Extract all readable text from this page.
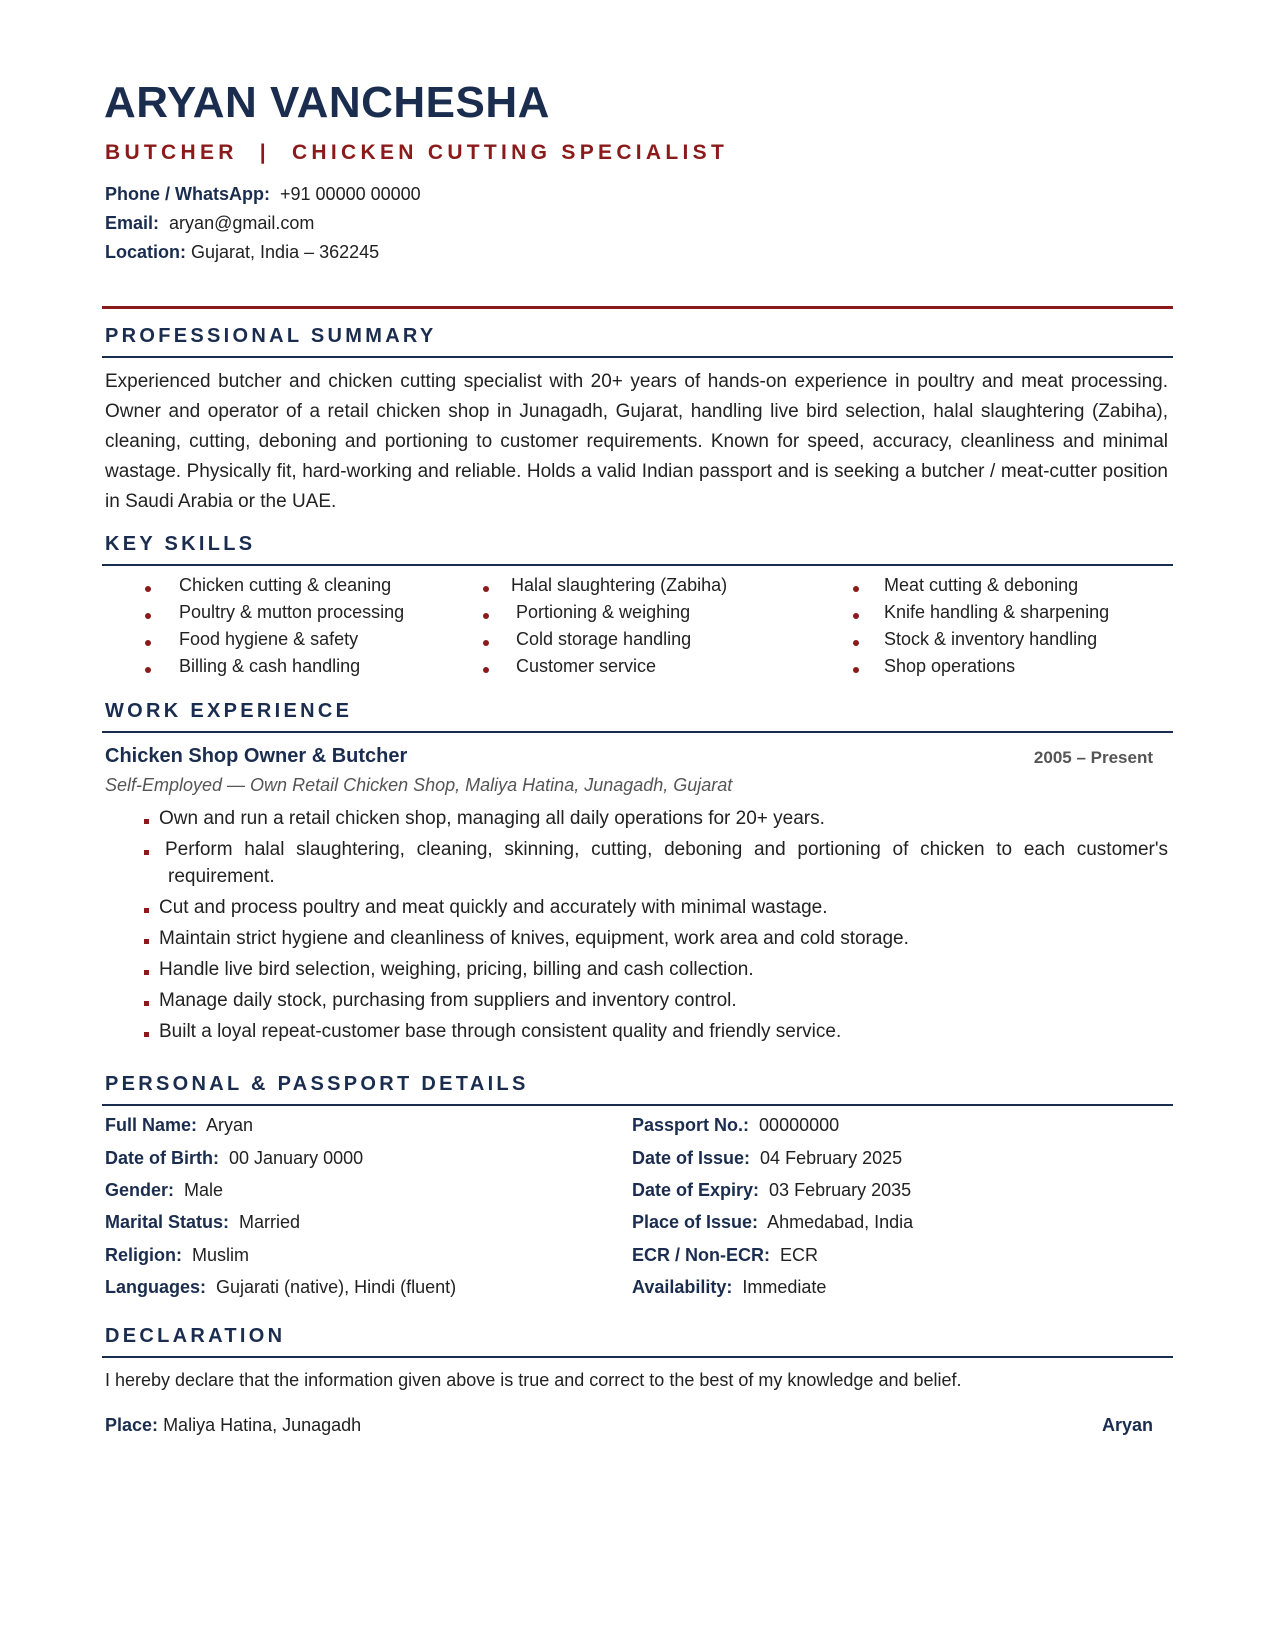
ARYAN VANCHESHA
BUTCHER | CHICKEN CUTTING SPECIALIST
Phone / WhatsApp: +91 00000 00000
Email: aryan@gmail.com
Location: Gujarat, India – 362245
PROFESSIONAL SUMMARY

Experienced butcher and chicken cutting specialist with 20+ years of hands-on experience in poultry and meat processing. Owner and operator of a retail chicken shop in Junagadh, Gujarat, handling live bird selection, halal slaughtering (Zabiha), cleaning, cutting, deboning and portioning to customer requirements. Known for speed, accuracy, cleanliness and minimal wastage. Physically fit, hard-working and reliable. Holds a valid Indian passport and is seeking a butcher / meat-cutter position in Saudi Arabia or the UAE.

KEY SKILLS
Chicken cutting & cleaning
Poultry & mutton processing
Food hygiene & safety
Billing & cash handling
Halal slaughtering (Zabiha)
Portioning & weighing
Cold storage handling
Customer service
Meat cutting & deboning
Knife handling & sharpening
Stock & inventory handling
Shop operations
WORK EXPERIENCE
Chicken Shop Owner & Butcher	2005 – Present
Self-Employed — Own Retail Chicken Shop, Maliya Hatina, Junagadh, Gujarat
Own and run a retail chicken shop, managing all daily operations for 20+ years.
Perform halal slaughtering, cleaning, skinning, cutting, deboning and portioning of chicken to each customer's
requirement.
Cut and process poultry and meat quickly and accurately with minimal wastage.
Maintain strict hygiene and cleanliness of knives, equipment, work area and cold storage.
Handle live bird selection, weighing, pricing, billing and cash collection.
Manage daily stock, purchasing from suppliers and inventory control.
Built a loyal repeat-customer base through consistent quality and friendly service.
PERSONAL & PASSPORT DETAILS
Full Name: Aryan
Date of Birth: 00 January 0000
Gender: Male
Marital Status: Married
Religion: Muslim
Languages: Gujarati (native), Hindi (fluent)
Passport No.: 00000000
Date of Issue: 04 February 2025
Date of Expiry: 03 February 2035
Place of Issue: Ahmedabad, India
ECR / Non-ECR: ECR
Availability: Immediate
DECLARATION
I hereby declare that the information given above is true and correct to the best of my knowledge and belief.
Place: Maliya Hatina, Junagadh	Aryan
